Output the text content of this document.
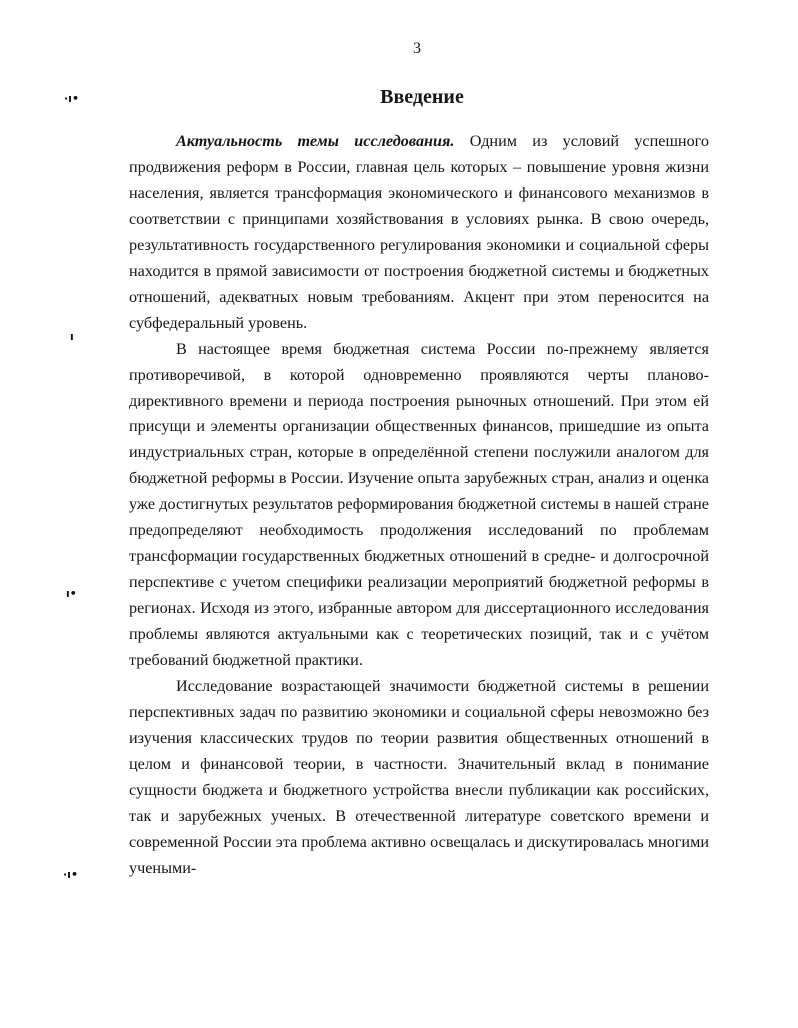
3
Введение
·ı•
ı
ı•
·ı•

Актуальность темы исследования. Одним из условий успешного продвижения реформ в России, главная цель которых – повышение уровня жизни населения, является трансформация экономического и финансового механизмов в соответствии с принципами хозяйствования в условиях рынка. В свою очередь, результативность государственного регулирования экономики и социальной сферы находится в прямой зависимости от построения бюджетной системы и бюджетных отношений, адекватных новым требованиям. Акцент при этом переносится на субфедеральный уровень.

В настоящее время бюджетная система России по-прежнему является противоречивой, в которой одновременно проявляются черты планово-директивного времени и периода построения рыночных отношений. При этом ей присущи и элементы организации общественных финансов, пришедшие из опыта индустриальных стран, которые в определённой степени послужили аналогом для бюджетной реформы в России. Изучение опыта зарубежных стран, анализ и оценка уже достигнутых результатов реформирования бюджетной системы в нашей стране предопределяют необходимость продолжения исследований по проблемам трансформации государственных бюджетных отношений в средне- и долгосрочной перспективе с учетом специфики реализации мероприятий бюджетной реформы в регионах. Исходя из этого, избранные автором для диссертационного исследования проблемы являются актуальными как с теоретических позиций, так и с учётом требований бюджетной практики.

Исследование возрастающей значимости бюджетной системы в решении перспективных задач по развитию экономики и социальной сферы невозможно без изучения классических трудов по теории развития общественных отношений в целом и финансовой теории, в частности. Значительный вклад в понимание сущности бюджета и бюджетного устройства внесли публикации как российских, так и зарубежных ученых. В отечественной литературе советского времени и современной России эта проблема активно освещалась и дискутировалась многими учеными-
